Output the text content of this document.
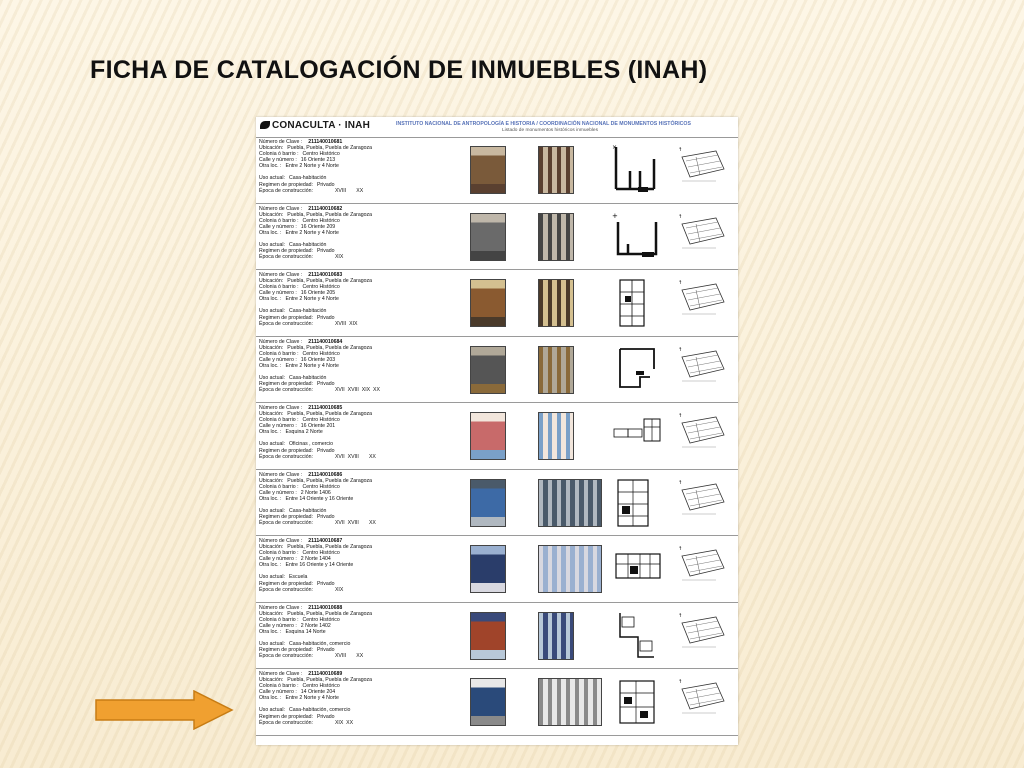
FICHA DE CATALOGACIÓN DE INMUEBLES (INAH)
CONACULTA · INAH	INSTITUTO NACIONAL DE ANTROPOLOGÍA E HISTORIA / COORDINACIÓN NACIONAL DE MONUMENTOS HISTÓRICOS
Listado de monumentos históricos inmuebles
Número de Clave : 211140010681
Ubicación: Puebla, Puebla, Puebla de Zaragoza
Colonia ó barrio : Centro Histórico
Calle y número : 16 Oriente 213
Otra loc. : Entre 2 Norte y 4 Norte
Uso actual: Casa-habitación
Regimen de propiedad: Privado
Época de construcción:	XVIII       XX
×	↑
Número de Clave : 211140010682
Ubicación: Puebla, Puebla, Puebla de Zaragoza
Colonia ó barrio : Centro Histórico
Calle y número : 16 Oriente 209
Otra loc. : Entre 2 Norte y 4 Norte
Uso actual: Casa-habitación
Regimen de propiedad: Privado
Época de construcción:	XIX
+	↑
Número de Clave : 211140010683
Ubicación: Puebla, Puebla, Puebla de Zaragoza
Colonia ó barrio : Centro Histórico
Calle y número : 16 Oriente 205
Otra loc. : Entre 2 Norte y 4 Norte
Uso actual: Casa-habitación
Regimen de propiedad: Privado
Época de construcción:	XVIII  XIX
↑
Número de Clave : 211140010684
Ubicación: Puebla, Puebla, Puebla de Zaragoza
Colonia ó barrio : Centro Histórico
Calle y número : 16 Oriente 203
Otra loc. : Entre 2 Norte y 4 Norte
Uso actual: Casa-habitación
Regimen de propiedad: Privado
Época de construcción:	XVII  XVIII  XIX  XX
↑
Número de Clave : 211140010685
Ubicación: Puebla, Puebla, Puebla de Zaragoza
Colonia ó barrio : Centro Histórico
Calle y número : 16 Oriente 201
Otra loc. : Esquina 2 Norte
Uso actual: Oficinas , comercio
Regimen de propiedad: Privado
Época de construcción:	XVII  XVIII       XX
↑
Número de Clave : 211140010686
Ubicación: Puebla, Puebla, Puebla de Zaragoza
Colonia ó barrio : Centro Histórico
Calle y número : 2 Norte 1406
Otra loc. : Entre 14 Oriente y 16 Oriente
Uso actual: Casa-habitación
Regimen de propiedad: Privado
Época de construcción:	XVII  XVIII       XX
↑
Número de Clave : 211140010687
Ubicación: Puebla, Puebla, Puebla de Zaragoza
Colonia ó barrio : Centro Histórico
Calle y número : 2 Norte 1404
Otra loc. : Entre 16 Oriente y 14 Oriente
Uso actual: Escuela
Regimen de propiedad: Privado
Época de construcción:	XIX
↑
Número de Clave : 211140010688
Ubicación: Puebla, Puebla, Puebla de Zaragoza
Colonia ó barrio : Centro Histórico
Calle y número : 2 Norte 1402
Otra loc. : Esquina 14 Norte
Uso actual: Casa-habitación, comercio
Regimen de propiedad: Privado
Época de construcción:	XVIII       XX
↑
Número de Clave : 211140010689
Ubicación: Puebla, Puebla, Puebla de Zaragoza
Colonia ó barrio : Centro Histórico
Calle y número : 14 Oriente 204
Otra loc. : Entre 2 Norte y 4 Norte
Uso actual: Casa-habitación, comercio
Regimen de propiedad: Privado
Época de construcción:	XIX  XX
↑
